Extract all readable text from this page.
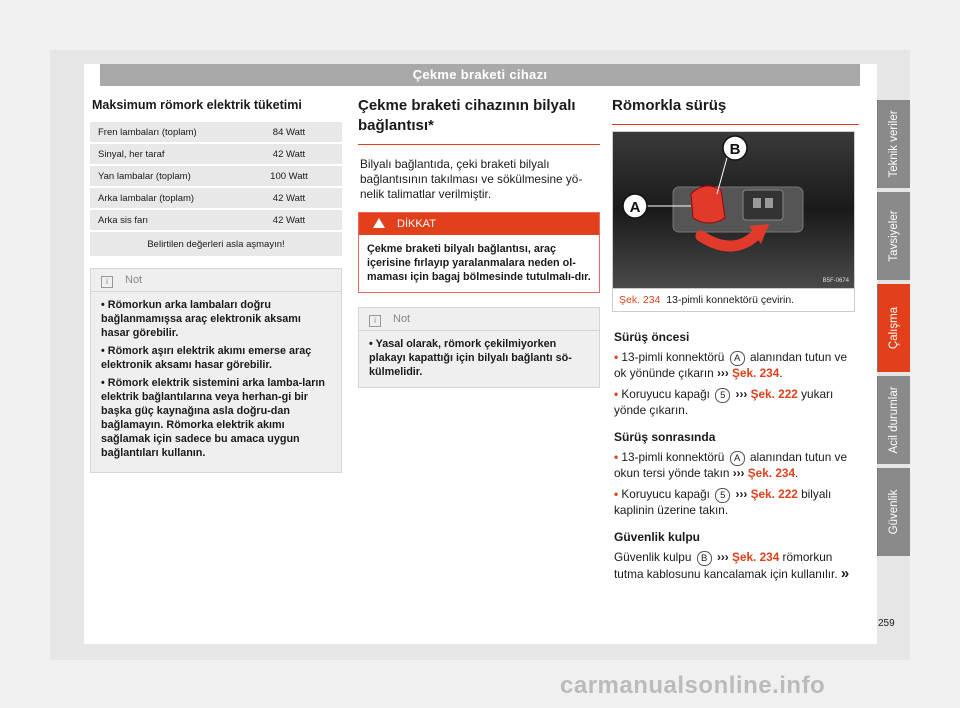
Çekme braketi cihazı
Maksimum römork elektrik tüketimi
Fren lambaları (toplam)	84 Watt
Sinyal, her taraf	42 Watt
Yan lambalar (toplam)	100 Watt
Arka lambalar (toplam)	42 Watt
Arka sis farı	42 Watt
Belirtilen değerleri asla aşmayın!	
i Not

• Römorkun arka lambaları doğru bağlanmamışsa araç elektronik aksamı hasar görebilir.

• Römork aşırı elektrik akımı emerse araç elektronik aksamı hasar görebilir.

• Römork elektrik sistemini arka lamba-ların elektrik bağlantılarına veya herhan-gi bir başka güç kaynağına asla doğru-dan bağlamayın. Römorka elektrik akımı sağlamak için sadece bu amaca uygun bağlantıları kullanın.

Çekme braketi cihazının bilyalı bağlantısı*
Bilyalı bağlantıda, çeki braketi bilyalı bağlantısının takılması ve sökülmesine yö-nelik talimatlar verilmiştir.
DİKKAT
Çekme braketi bilyalı bağlantısı, araç içerisine fırlayıp yaralanmalara neden ol-maması için bagaj bölmesinde tutulmalı-dır.
i Not
• Yasal olarak, römork çekilmiyorken plakayı kapattığı için bilyalı bağlantı sö-külmelidir.
Römorkla sürüş
A
B
B5F-0674
Şek. 234 13-pimli konnektörü çevirin.
Sürüş öncesi
• 13-pimli konnektörü A alanından tutun ve ok yönünde çıkarın ››› Şek. 234.
• Koruyucu kapağı 5 ››› Şek. 222 yukarı yönde çıkarın.
Sürüş sonrasında
• 13-pimli konnektörü A alanından tutun ve okun tersi yönde takın ››› Şek. 234.
• Koruyucu kapağı 5 ››› Şek. 222 bilyalı kaplinin üzerine takın.
Güvenlik kulpu
Güvenlik kulpu B ››› Şek. 234 römorkun tutma kablosunu kancalamak için kullanılır. »
Teknik veriler
Tavsiyeler
Çalışma
Acil durumlar
Güvenlik
259
carmanualsonline.info
